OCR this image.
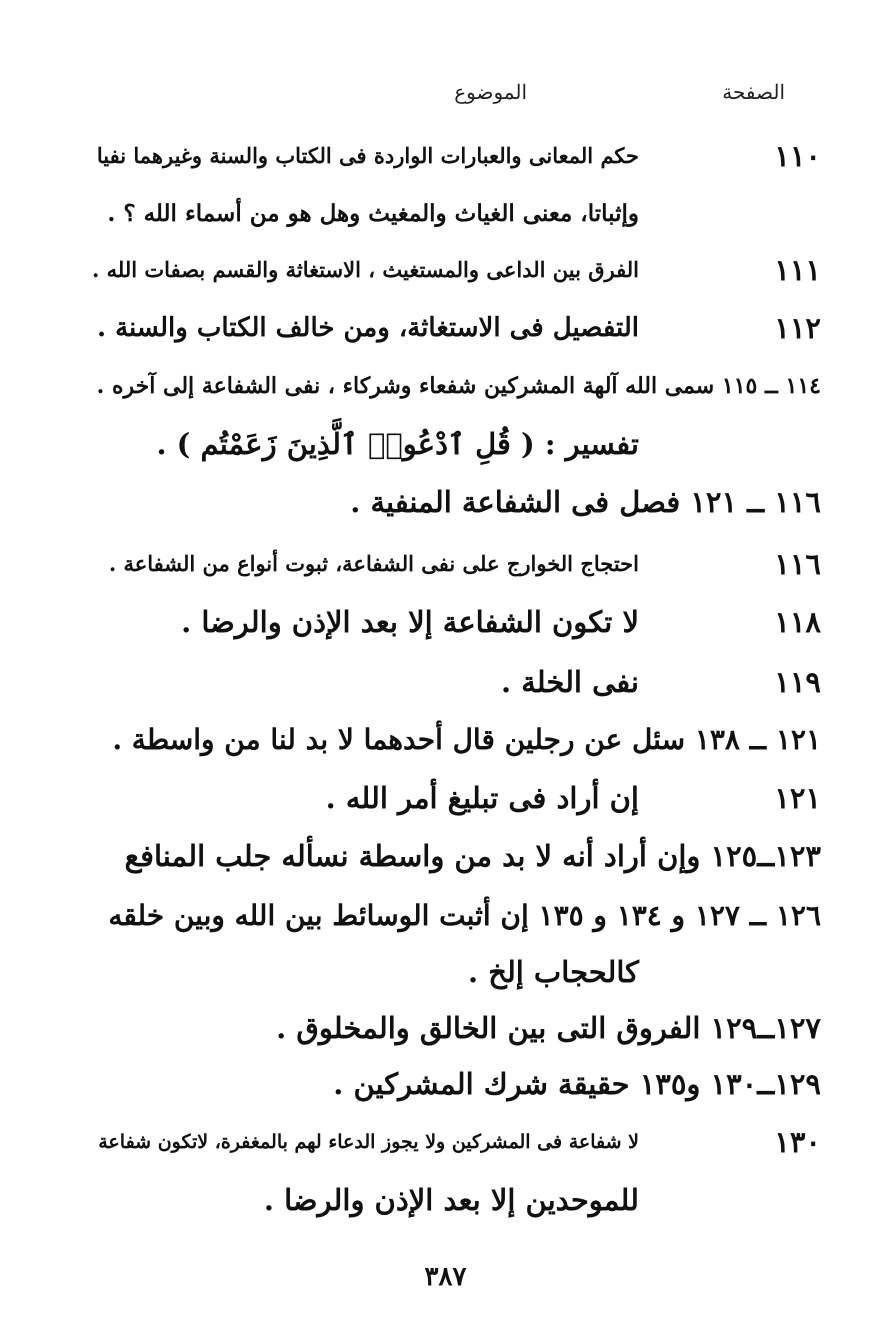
الصفحة
الموضوع
١١٠
حكم المعانى والعبارات الواردة فى الكتاب والسنة وغيرهما نفيا
وإثباتا، معنى الغياث والمغيث وهل هو من أسماء الله ؟ .
١١١
الفرق بين الداعى والمستغيث ، الاستغاثة والقسم بصفات الله .
١١٢
التفصيل فى الاستغاثة، ومن خالف الكتاب والسنة .
١١٤ ــ ١١٥ سمى الله آلهة المشركين شفعاء وشركاء ، نفى الشفاعة إلى آخره .
تفسير : ( قُلِ ٱدْعُوا۟ ٱلَّذِينَ زَعَمْتُم ) .
١١٦ ــ ١٢١ فصل فى الشفاعة المنفية .
١١٦
احتجاج الخوارج على نفى الشفاعة، ثبوت أنواع من الشفاعة .
١١٨
لا تكون الشفاعة إلا بعد الإذن والرضا .
١١٩
نفى الخلة .
١٢١ ــ ١٣٨ سئل عن رجلين قال أحدهما لا بد لنا من واسطة .
١٢١
إن أراد فى تبليغ أمر الله .
١٢٣ــ١٢٥ وإن أراد أنه لا بد من واسطة نسأله جلب المنافع
١٢٦ ــ ١٢٧ و ١٣٤ و ١٣٥ إن أثبت الوسائط بين الله وبين خلقه
كالحجاب إلخ .
١٢٧ــ١٢٩ الفروق التى بين الخالق والمخلوق .
١٢٩ــ١٣٠ و١٣٥ حقيقة شرك المشركين .
١٣٠
لا شفاعة فى المشركين ولا يجوز الدعاء لهم بالمغفرة، لاتكون شفاعة
للموحدين إلا بعد الإذن والرضا .
٣٨٧
